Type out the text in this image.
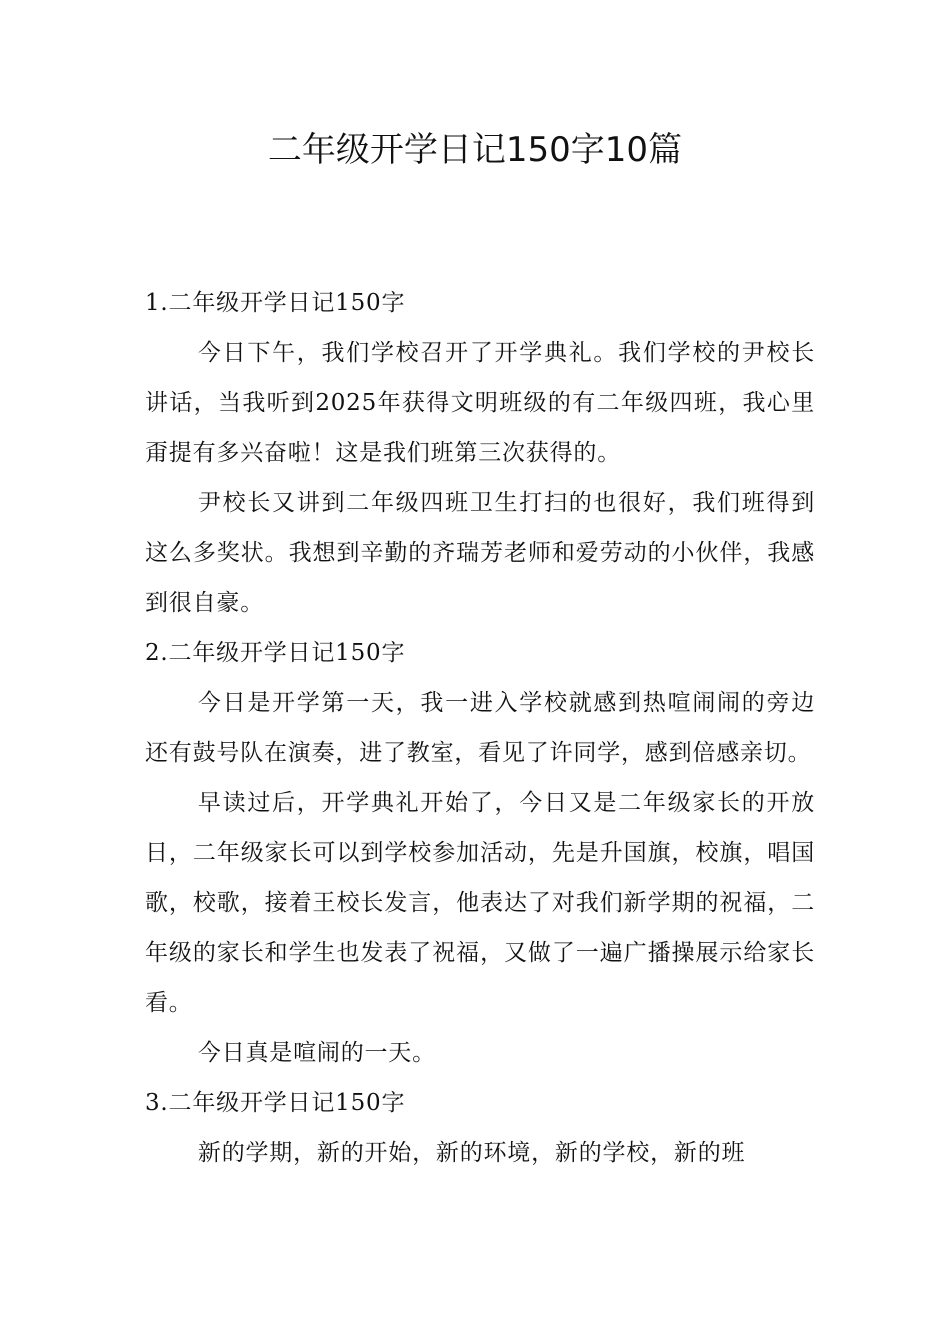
二年级开学日记150字10篇

1.二年级开学日记150字

今日下午，我们学校召开了开学典礼。我们学校的尹校长讲话，当我听到2025年获得文明班级的有二年级四班，我心里甭提有多兴奋啦！这是我们班第三次获得的。

尹校长又讲到二年级四班卫生打扫的也很好，我们班得到这么多奖状。我想到辛勤的齐瑞芳老师和爱劳动的小伙伴，我感到很自豪。

2.二年级开学日记150字

今日是开学第一天，我一进入学校就感到热喧闹闹的旁边还有鼓号队在演奏，进了教室，看见了许同学，感到倍感亲切。

早读过后，开学典礼开始了，今日又是二年级家长的开放日，二年级家长可以到学校参加活动，先是升国旗，校旗，唱国歌，校歌，接着王校长发言，他表达了对我们新学期的祝福，二年级的家长和学生也发表了祝福，又做了一遍广播操展示给家长看。

今日真是喧闹的一天。

3.二年级开学日记150字

新的学期，新的开始，新的环境，新的学校，新的班
